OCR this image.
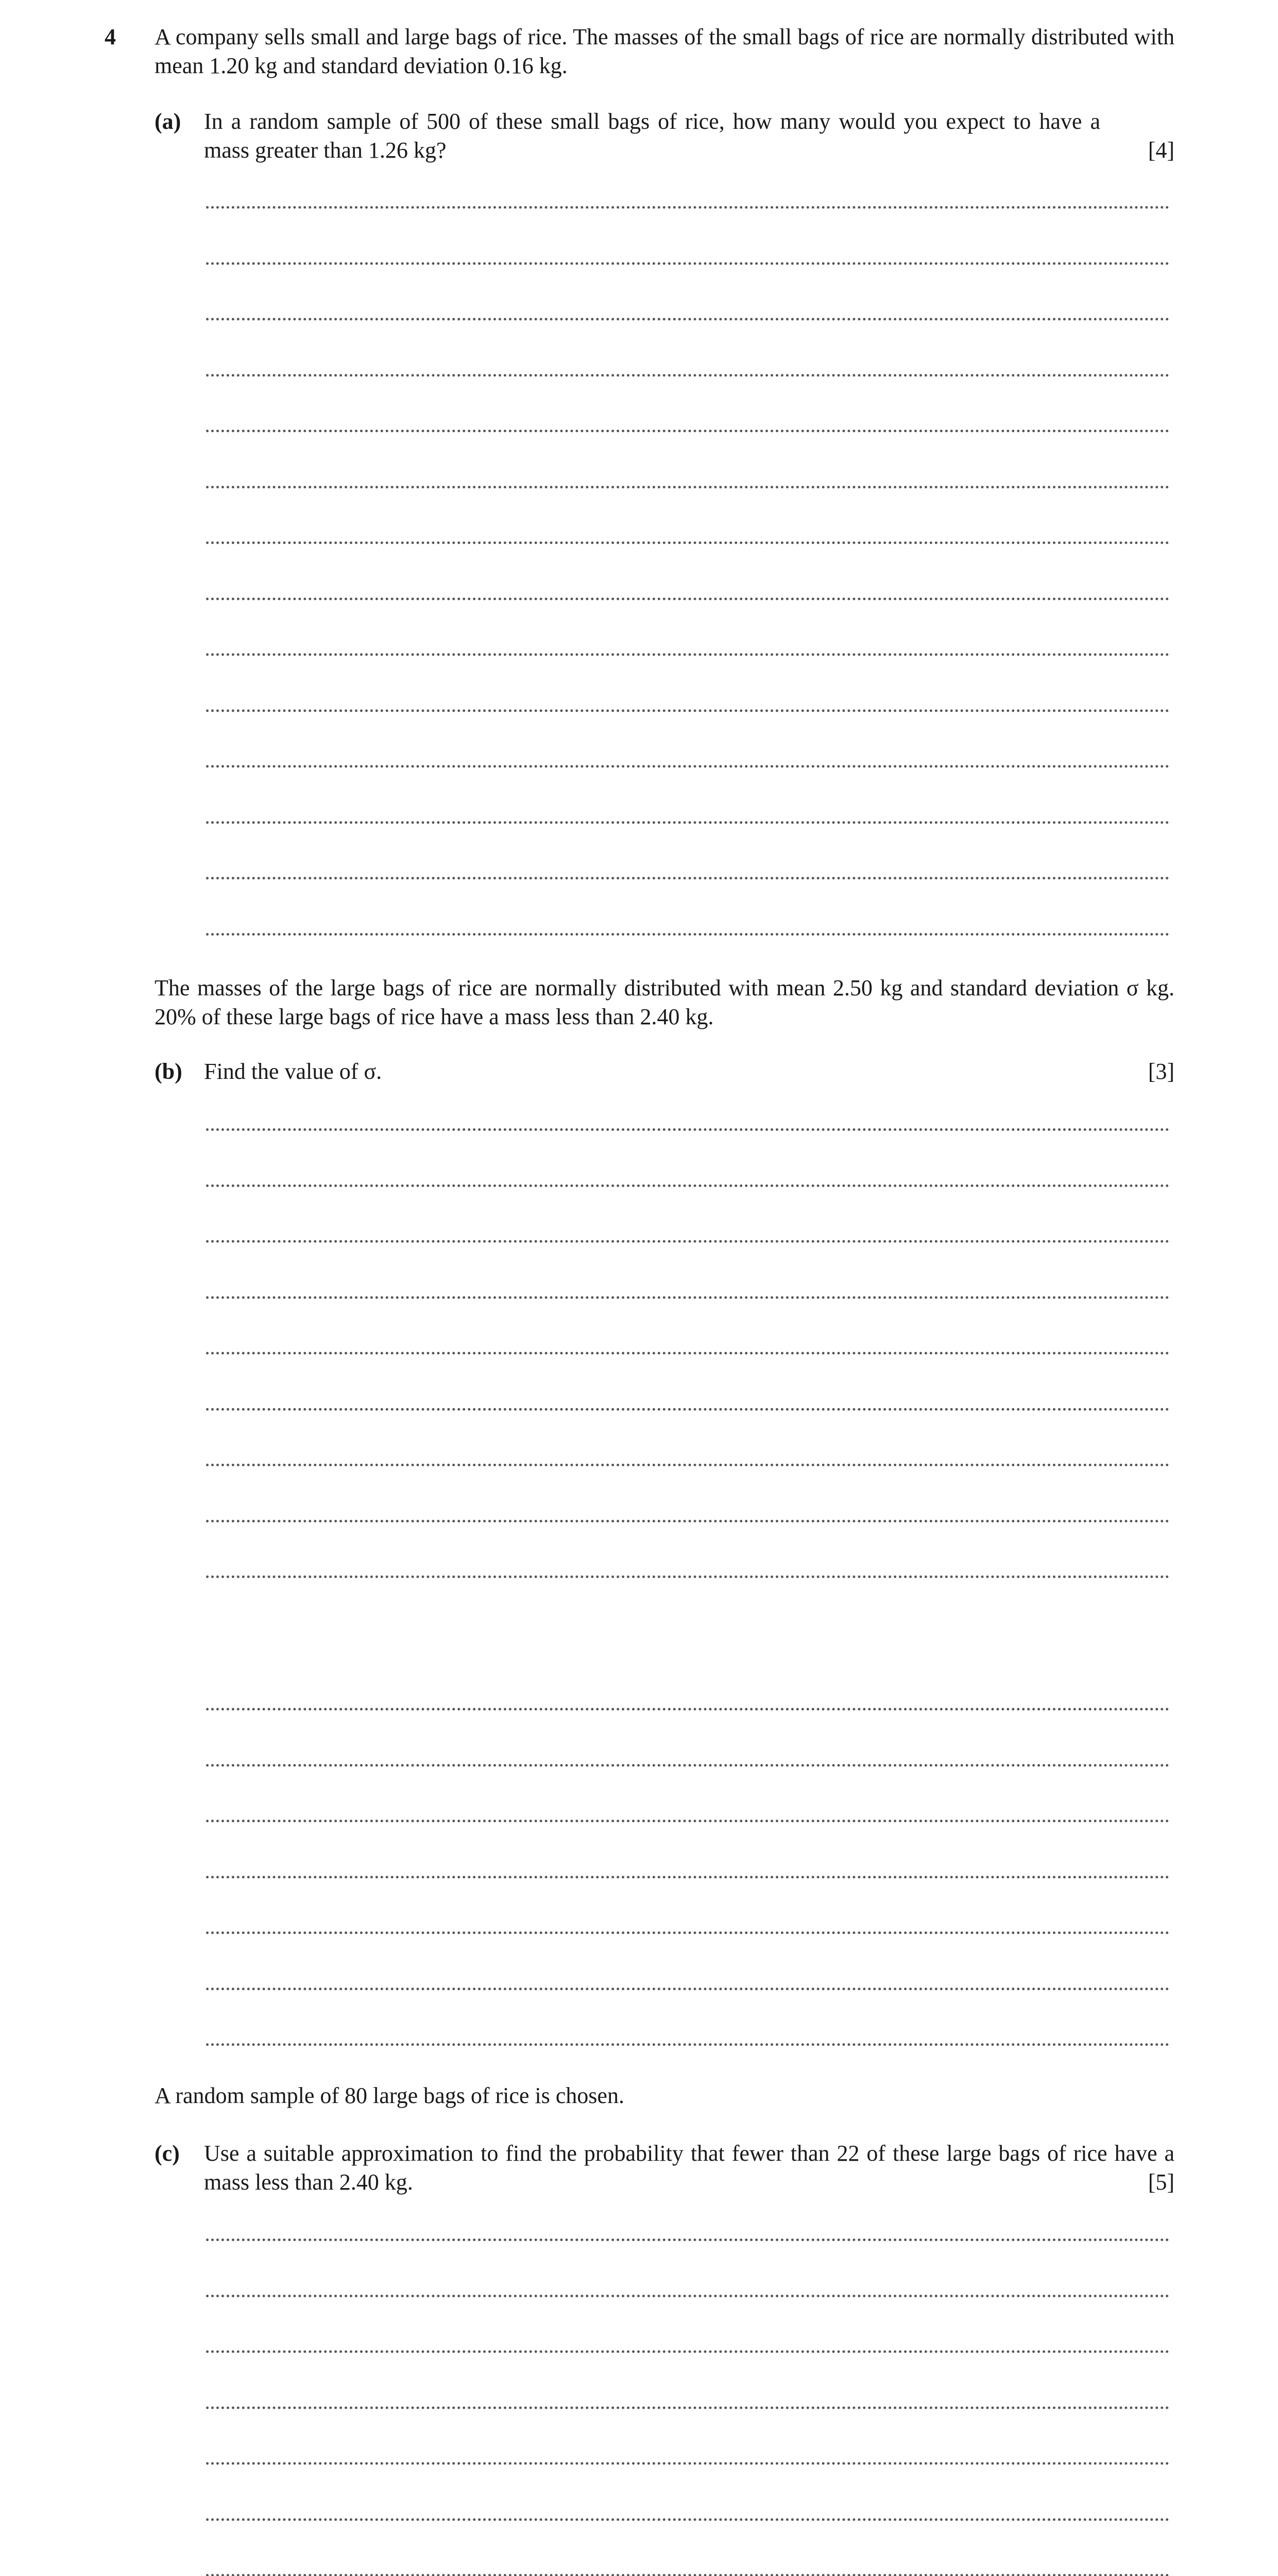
4 A company sells small and large bags of rice. The masses of the small bags of rice are normally distributed with mean 1.20 kg and standard deviation 0.16 kg.
(a) In a random sample of 500 of these small bags of rice, how many would you expect to have a mass greater than 1.26 kg?	[4]
The masses of the large bags of rice are normally distributed with mean 2.50 kg and standard deviation σ kg. 20% of these large bags of rice have a mass less than 2.40 kg.
(b) Find the value of σ.	[3]
A random sample of 80 large bags of rice is chosen.
(c) Use a suitable approximation to find the probability that fewer than 22 of these large bags of rice have a mass less than 2.40 kg.	[5]
